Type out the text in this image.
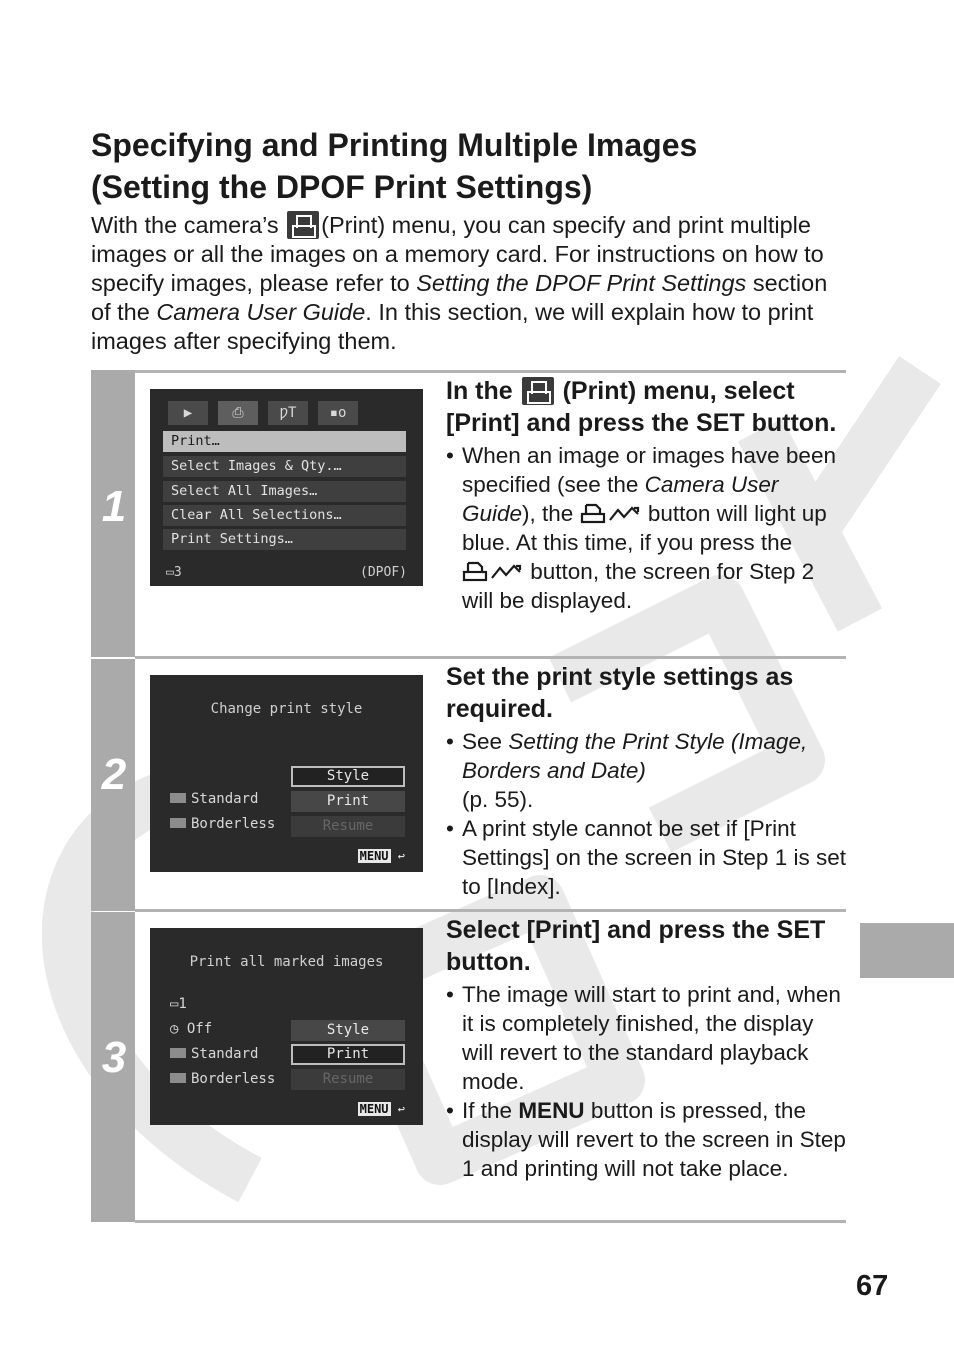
Specifying and Printing Multiple Images
(Setting the DPOF Print Settings)

With the camera’s (Print) menu, you can specify and print multiple images or all the images on a memory card. For instructions on how to specify images, please refer to Setting the DPOF Print Settings section of the Camera User Guide. In this section, we will explain how to print images after specifying them.

1
▶	⎙	ǷT	▪o
Print…
Select Images & Qty.…
Select All Images…
Clear All Selections…
Print Settings…
▭3	(DPOF)

In the (Print) menu, select [Print] and press the SET button.

• When an image or images have been specified (see the Camera User Guide), the	button will light up blue. At this time, if you press the  button, the screen for Step 2 will be displayed.

2
Change print style
Standard
Borderless
Style
Print
Resume
MENU ↩

Set the print style settings as required.

• See Setting the Print Style (Image, Borders and Date)
(p. 55).

• A print style cannot be set if [Print Settings] on the screen in Step 1 is set to [Index].

3
Print all marked images
▭1
◷ Off
Standard
Borderless
Style
Print
Resume
MENU ↩

Select [Print] and press the SET button.

• The image will start to print and, when it is completely finished, the display will revert to the standard playback mode.

• If the MENU button is pressed, the display will revert to the screen in Step 1 and printing will not take place.

67
